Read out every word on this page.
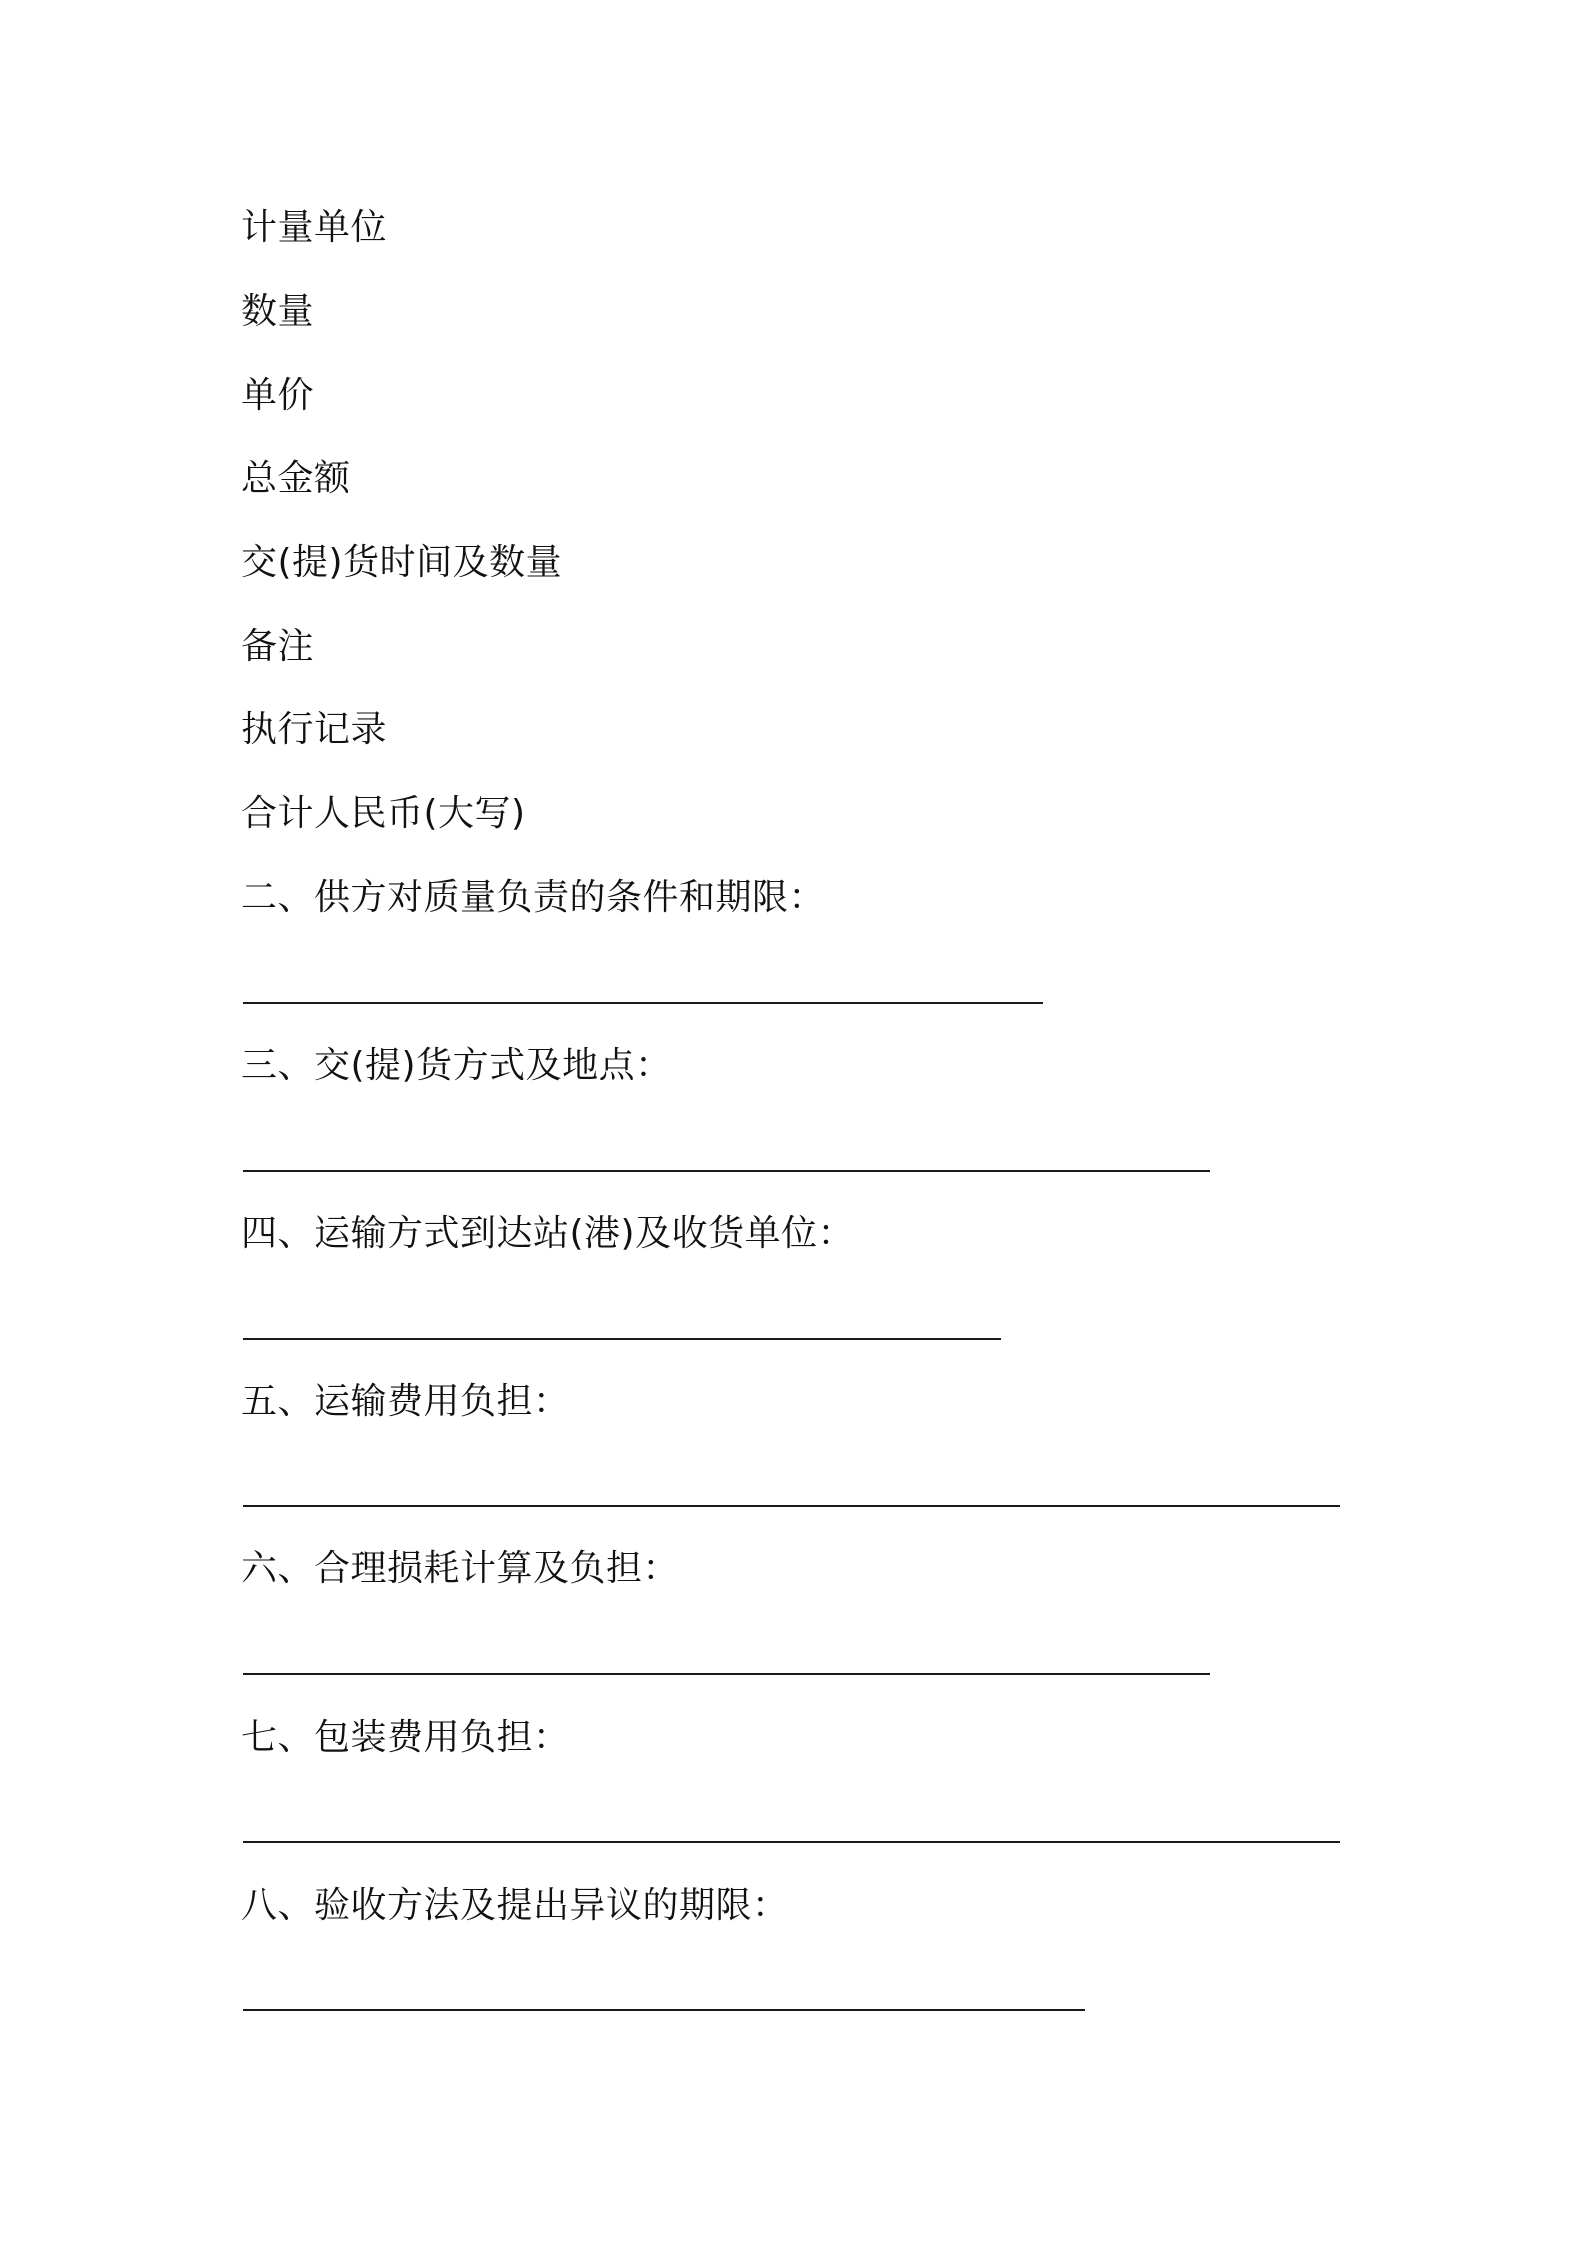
计量单位
数量
单价
总金额
交(提)货时间及数量
备注
执行记录
合计人民币(大写)
二、供方对质量负责的条件和期限：
三、交(提)货方式及地点：
四、运输方式到达站(港)及收货单位：
五、运输费用负担：
六、合理损耗计算及负担：
七、包装费用负担：
八、验收方法及提出异议的期限：
